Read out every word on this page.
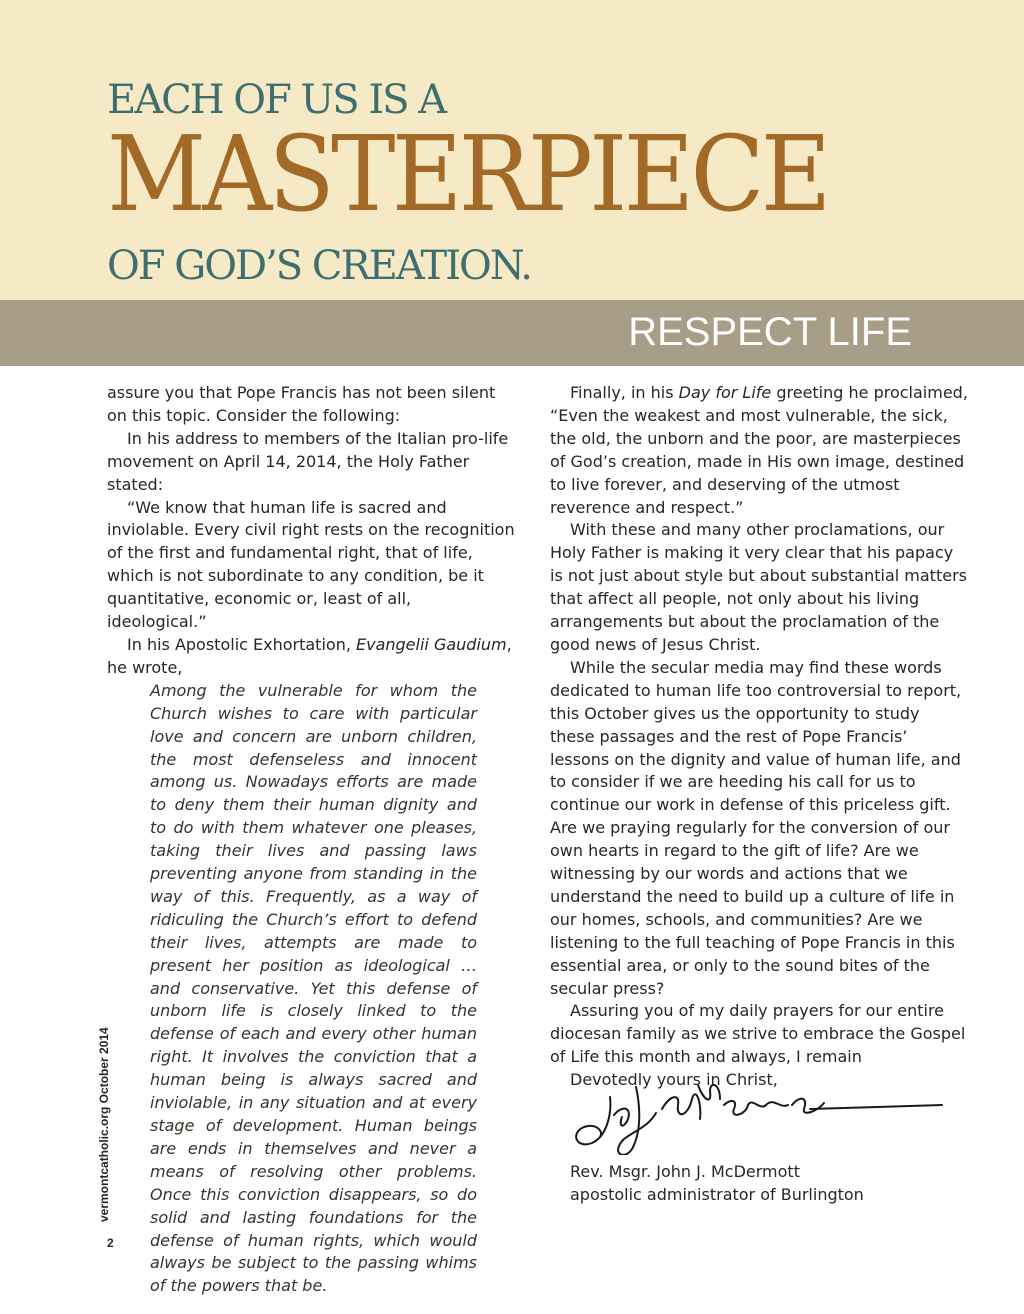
EACH OF US IS A
MASTERPIECE
OF GOD’S CREATION.
RESPECT LIFE

assure you that Pope Francis has not been silent on this topic. Consider the following:

In his address to members of the Italian pro-life movement on April 14, 2014, the Holy Father stated:

“We know that human life is sacred and inviolable. Every civil right rests on the recognition of the first and fundamental right, that of life, which is not subordinate to any condition, be it quantitative, economic or, least of all, ideological.”

In his Apostolic Exhortation, Evangelii Gaudium, he wrote,

Among the vulnerable for whom the Church wishes to care with particular love and concern are unborn children, the most defenseless and innocent among us. Nowadays efforts are made to deny them their human dignity and to do with them whatever one pleases, taking their lives and passing laws preventing anyone from standing in the way of this. Frequently, as a way of ridiculing the Church’s effort to defend their lives, attempts are made to present her position as ideological … and conservative. Yet this defense of unborn life is closely linked to the defense of each and every other human right. It involves the conviction that a human being is always sacred and inviolable, in any situation and at every stage of development. Human beings are ends in themselves and never a means of resolving other problems. Once this conviction disappears, so do solid and lasting foundations for the defense of human rights, which would always be subject to the passing whims of the powers that be.

Finally, in his Day for Life greeting he proclaimed,

“Even the weakest and most vulnerable, the sick, the old, the unborn and the poor, are masterpieces of God’s creation, made in His own image, destined to live forever, and deserving of the utmost reverence and respect.”

With these and many other proclamations, our Holy Father is making it very clear that his papacy is not just about style but about substantial matters that affect all people, not only about his living arrangements but about the proclamation of the good news of Jesus Christ.

While the secular media may find these words dedicated to human life too controversial to report, this October gives us the opportunity to study these passages and the rest of Pope Francis’ lessons on the dignity and value of human life, and to consider if we are heeding his call for us to continue our work in defense of this priceless gift. Are we praying regularly for the conversion of our own hearts in regard to the gift of life? Are we witnessing by our words and actions that we understand the need to build up a culture of life in our homes, schools, and communities? Are we listening to the full teaching of Pope Francis in this essential area, or only to the sound bites of the secular press?

Assuring you of my daily prayers for our entire diocesan family as we strive to embrace the Gospel of Life this month and always, I remain

Devotedly yours in Christ,

Rev. Msgr. John J. McDermott
apostolic administrator of Burlington
vermontcatholic.org October 2014
2
